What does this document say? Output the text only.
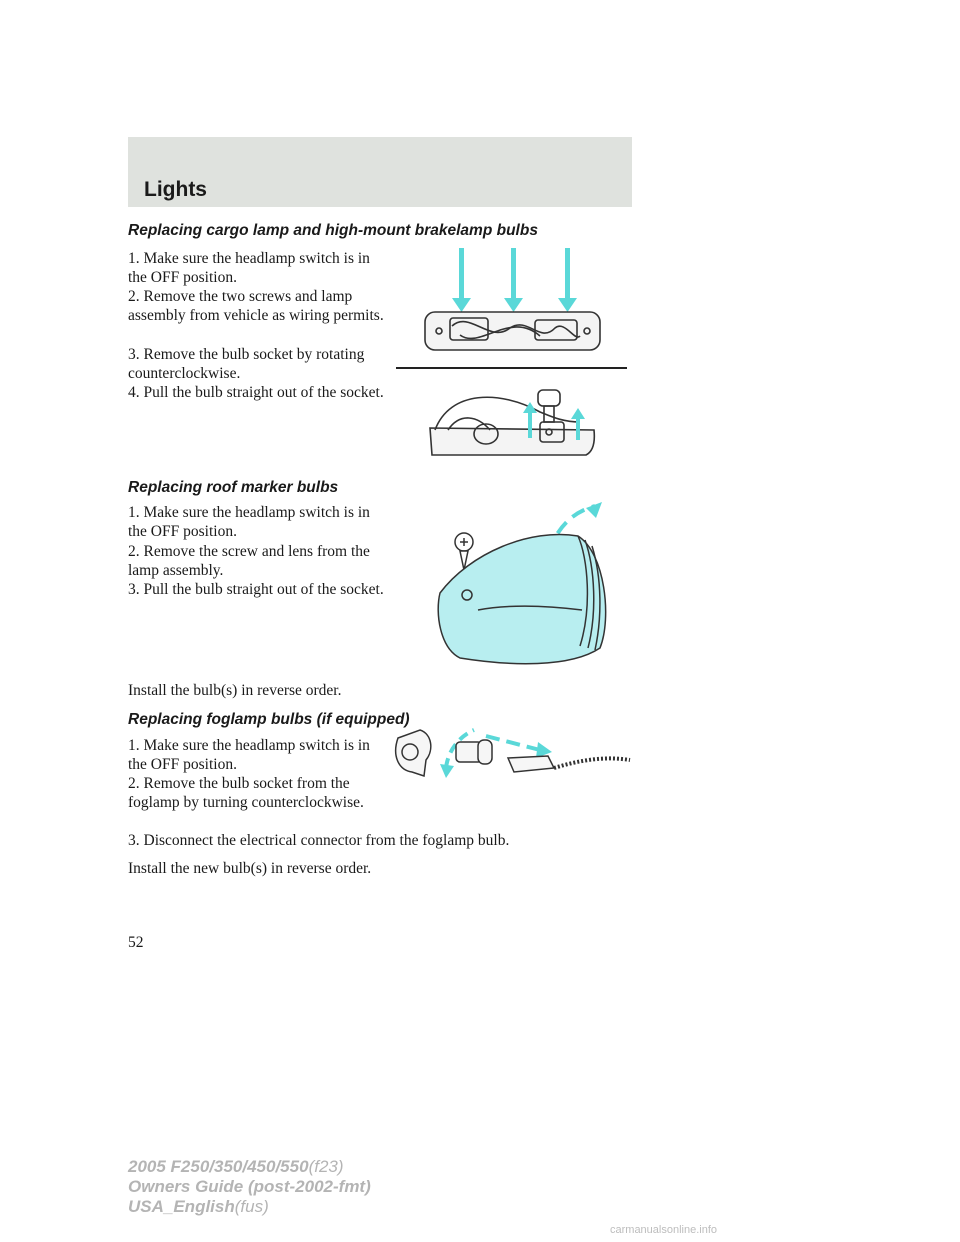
Lights
Replacing cargo lamp and high-mount brakelamp bulbs

1. Make sure the headlamp switch is in the OFF position.

2. Remove the two screws and lamp assembly from vehicle as wiring permits.

3. Remove the bulb socket by rotating counterclockwise.

4. Pull the bulb straight out of the socket.

Replacing roof marker bulbs

1. Make sure the headlamp switch is in the OFF position.

2. Remove the screw and lens from the lamp assembly.

3. Pull the bulb straight out of the socket.

Install the bulb(s) in reverse order.

Replacing foglamp bulbs (if equipped)

1. Make sure the headlamp switch is in the OFF position.

2. Remove the bulb socket from the foglamp by turning counterclockwise.

3. Disconnect the electrical connector from the foglamp bulb.

Install the new bulb(s) in reverse order.

52
2005 F250/350/450/550(f23)
Owners Guide (post-2002-fmt)
USA_English(fus)
carmanualsonline.info
